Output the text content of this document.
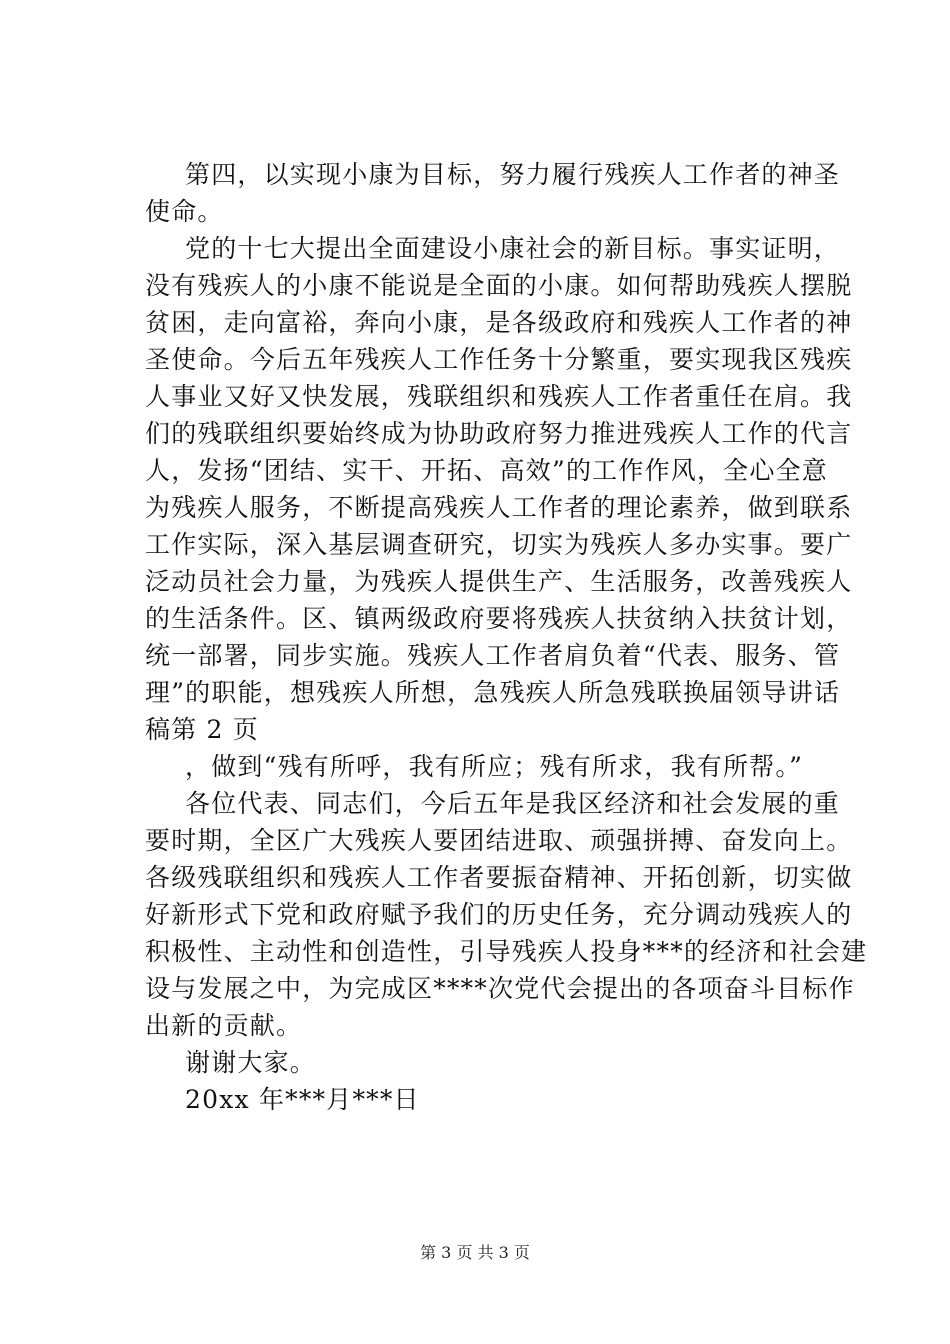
第四，以实现小康为目标，努力履行残疾人工作者的神圣
使命。
党的十七大提出全面建设小康社会的新目标。事实证明，
没有残疾人的小康不能说是全面的小康。如何帮助残疾人摆脱
贫困，走向富裕，奔向小康，是各级政府和残疾人工作者的神
圣使命。今后五年残疾人工作任务十分繁重，要实现我区残疾
人事业又好又快发展，残联组织和残疾人工作者重任在肩。我
们的残联组织要始终成为协助政府努力推进残疾人工作的代言
人，发扬“团结、实干、开拓、高效”的工作作风，全心全意
为残疾人服务，不断提高残疾人工作者的理论素养，做到联系
工作实际，深入基层调查研究，切实为残疾人多办实事。要广
泛动员社会力量，为残疾人提供生产、生活服务，改善残疾人
的生活条件。区、镇两级政府要将残疾人扶贫纳入扶贫计划，
统一部署，同步实施。残疾人工作者肩负着“代表、服务、管
理”的职能，想残疾人所想，急残疾人所急残联换届领导讲话
稿第 2 页
，做到“残有所呼，我有所应；残有所求，我有所帮。”
各位代表、同志们，今后五年是我区经济和社会发展的重
要时期，全区广大残疾人要团结进取、顽强拼搏、奋发向上。
各级残联组织和残疾人工作者要振奋精神、开拓创新，切实做
好新形式下党和政府赋予我们的历史任务，充分调动残疾人的
积极性、主动性和创造性，引导残疾人投身***的经济和社会建
设与发展之中，为完成区****次党代会提出的各项奋斗目标作
出新的贡献。
谢谢大家。
20xx 年***月***日
第 3 页 共 3 页
